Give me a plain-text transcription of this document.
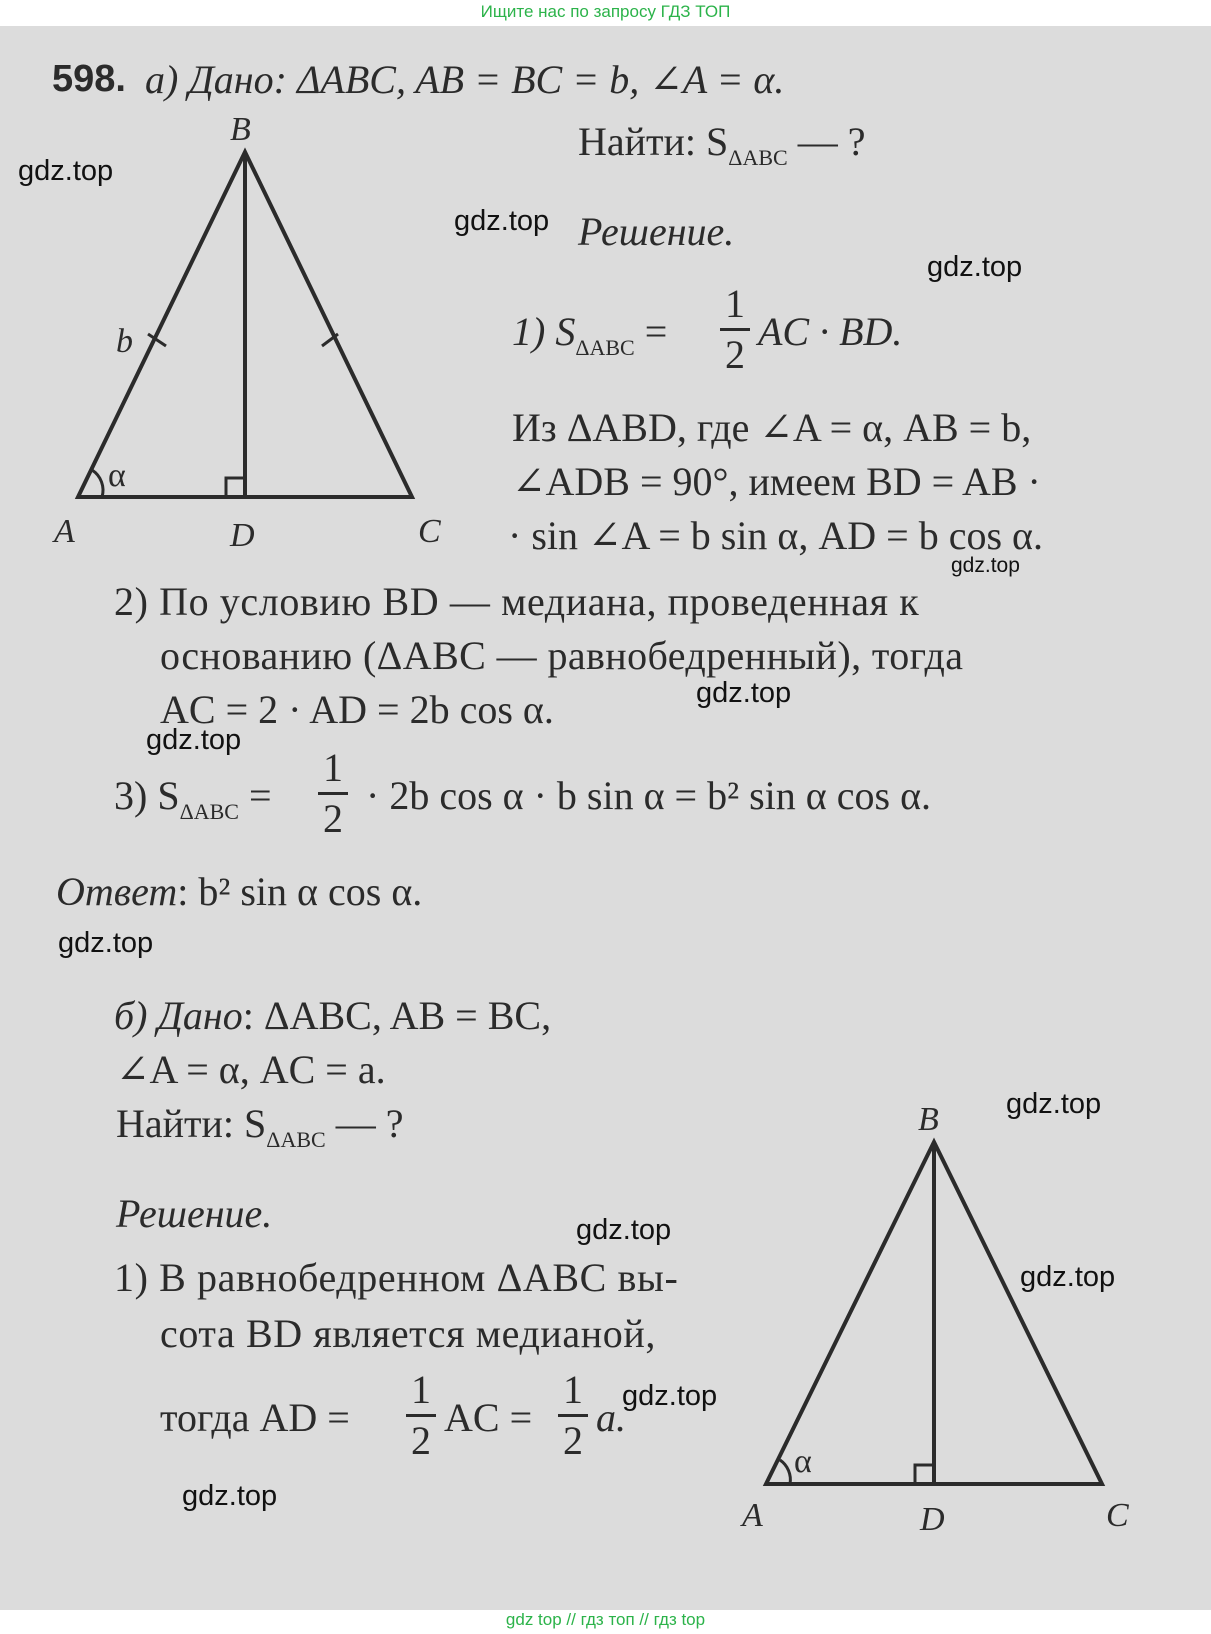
Ищите нас по запросу ГДЗ ТОП
598. а) Дано: ΔABC, AB = BC = b, ∠A = α.
Найти: $S_{\Delta ABC}$ — ?
Решение.
1) $S_{\Delta ABC}$ =
1
2
AC · BD.
Из ΔABD, где ∠A = α, AB = b,
∠ADB = 90°, имеем BD = AB ·
· sin ∠A = b sin α, AD = b cos α.
2) По условию BD — медиана, проведенная к
основанию (ΔABC — равнобедренный), тогда
AC = 2 · AD = 2b cos α.
3) $S_{\Delta ABC}$ =
1
2
· 2b cos α · b sin α = b² sin α cos α.
Ответ: b² sin α cos α.
б) Дано: ΔABC, AB = BC,
∠A = α, AC = a.
Найти: $S_{\Delta ABC}$ — ?
Решение.
1) В равнобедренном ΔABC вы-
сота BD является медианой,
тогда AD =
1
2
AC =
1
2
a.
B
A	C
D
α
b
B
A	C
D
α
gdz.top
gdz.top
gdz.top
gdz.top
gdz.top
gdz.top
gdz.top
gdz.top
gdz.top
gdz.top
gdz.top
gdz.top
gdz top // гдз топ // гдз top
